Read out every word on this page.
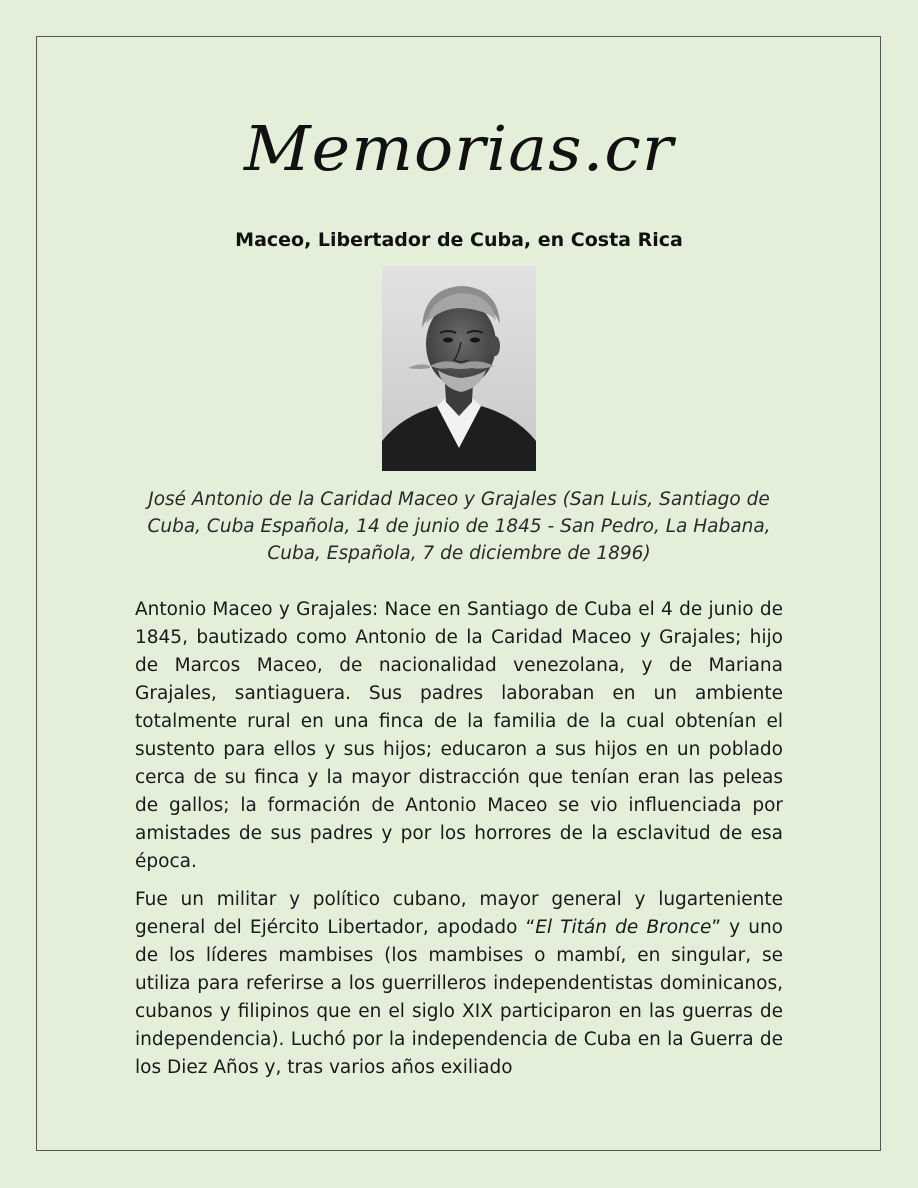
Memorias.cr
Maceo, Libertador de Cuba, en Costa Rica
José Antonio de la Caridad Maceo y Grajales (San Luis, Santiago de Cuba, Cuba Española, 14 de junio de 1845 - San Pedro, La Habana, Cuba, Española, 7 de diciembre de 1896)

Antonio Maceo y Grajales: Nace en Santiago de Cuba el 4 de junio de 1845, bautizado como Antonio de la Caridad Maceo y Grajales; hijo de Marcos Maceo, de nacionalidad venezolana, y de Mariana Grajales, santiaguera. Sus padres laboraban en un ambiente totalmente rural en una finca de la familia de la cual obtenían el sustento para ellos y sus hijos; educaron a sus hijos en un poblado cerca de su finca y la mayor distracción que tenían eran las peleas de gallos; la formación de Antonio Maceo se vio influenciada por amistades de sus padres y por los horrores de la esclavitud de esa época.

Fue un militar y político cubano, mayor general y lugarteniente general del Ejército Libertador, apodado “El Titán de Bronce” y uno de los líderes mambises (los mambises o mambí, en singular, se utiliza para referirse a los guerrilleros independentistas dominicanos, cubanos y filipinos que en el siglo XIX participaron en las guerras de independencia). Luchó por la independencia de Cuba en la Guerra de los Diez Años y, tras varios años exiliado
